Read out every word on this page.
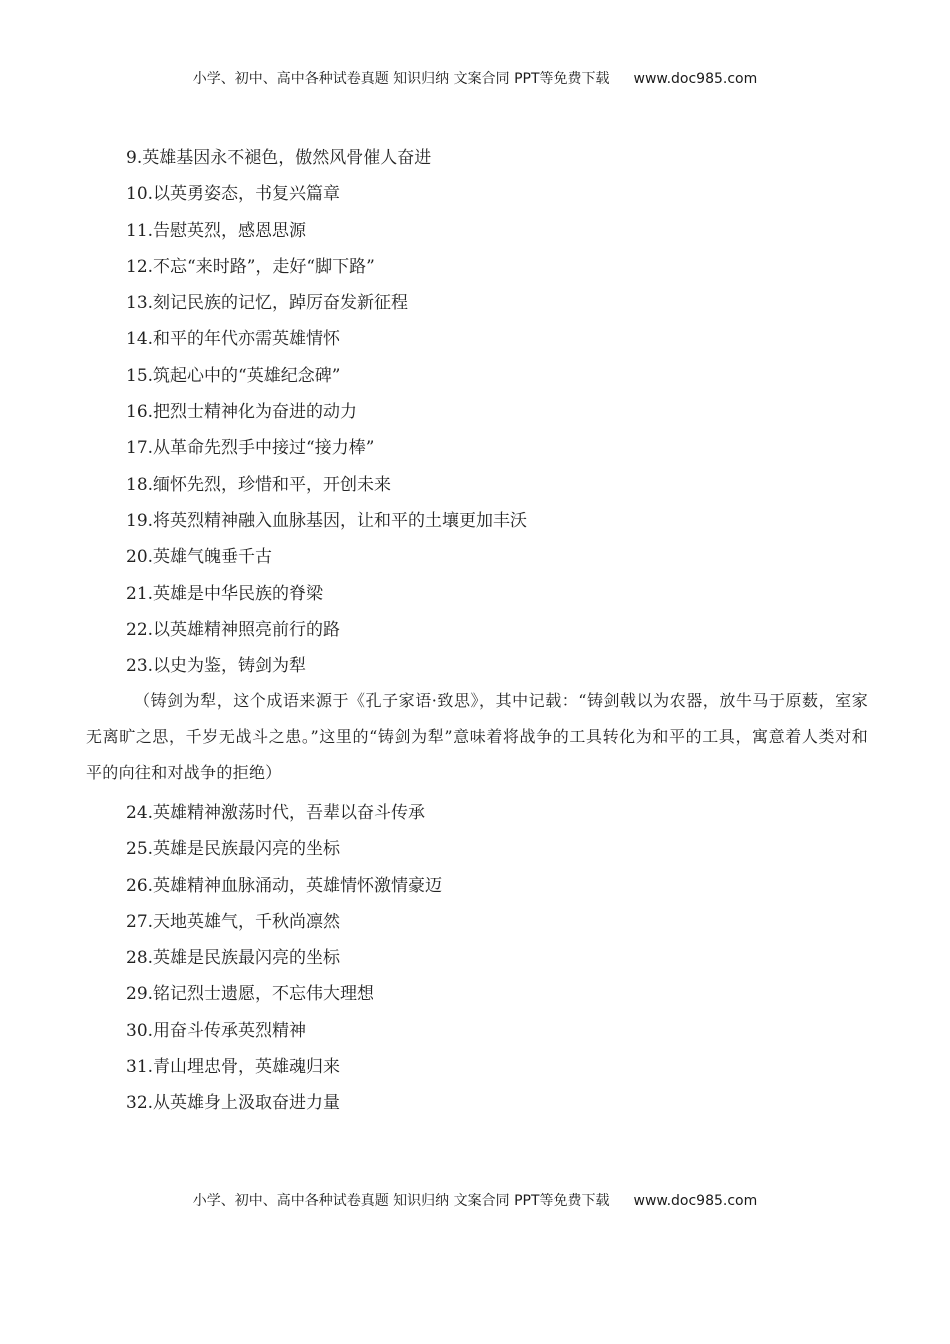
小学、初中、高中各种试卷真题 知识归纳 文案合同 PPT等免费下载 www.doc985.com
9.英雄基因永不褪色，傲然风骨催人奋进
10.以英勇姿态，书复兴篇章
11.告慰英烈，感恩思源
12.不忘“来时路”，走好“脚下路”
13.刻记民族的记忆，踔厉奋发新征程
14.和平的年代亦需英雄情怀
15.筑起心中的“英雄纪念碑”
16.把烈士精神化为奋进的动力
17.从革命先烈手中接过“接力棒”
18.缅怀先烈，珍惜和平，开创未来
19.将英烈精神融入血脉基因，让和平的土壤更加丰沃
20.英雄气魄垂千古
21.英雄是中华民族的脊梁
22.以英雄精神照亮前行的路
23.以史为鉴，铸剑为犁

（铸剑为犁，这个成语来源于《孔子家语·致思》，其中记载：“铸剑戟以为农器，放牛马于原薮，室家无离旷之思，千岁无战斗之患。”这里的“铸剑为犁”意味着将战争的工具转化为和平的工具，寓意着人类对和平的向往和对战争的拒绝）

24.英雄精神激荡时代，吾辈以奋斗传承
25.英雄是民族最闪亮的坐标
26.英雄精神血脉涌动，英雄情怀激情豪迈
27.天地英雄气，千秋尚凛然
28.英雄是民族最闪亮的坐标
29.铭记烈士遗愿，不忘伟大理想
30.用奋斗传承英烈精神
31.青山埋忠骨，英雄魂归来
32.从英雄身上汲取奋进力量
小学、初中、高中各种试卷真题 知识归纳 文案合同 PPT等免费下载 www.doc985.com
